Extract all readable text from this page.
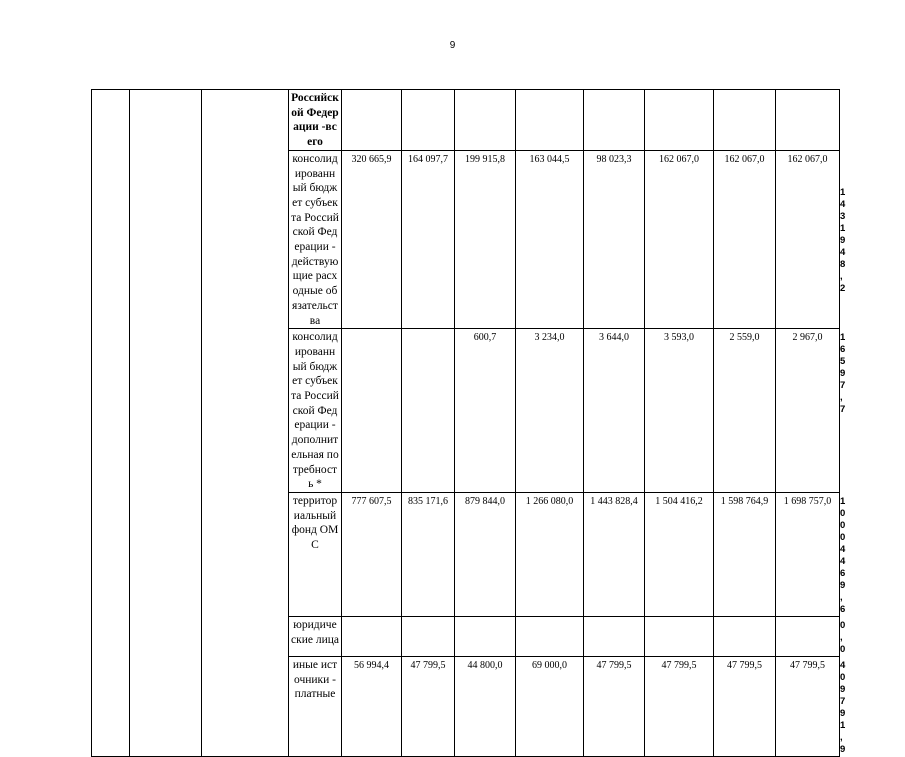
9
			Российской Федерации -всего									
			консолидированный бюджет субъекта Российской Федерации - действующие расходные обязательства	320 665,9	164 097,7	199 915,8	163 044,5	98 023,3	162 067,0	162 067,0	162 067,0	1 431 948,2
			консолидированный бюджет субъекта Российской Федерации - дополнительная потребность *			600,7	3 234,0	3 644,0	3 593,0	2 559,0	2 967,0	16 597,7
			территориальный фонд ОМС	777 607,5	835 171,6	879 844,0	1 266 080,0	1 443 828,4	1 504 416,2	1 598 764,9	1 698 757,0	10 004 469,6
			юридические лица									0,0
			иные источники - платные	56 994,4	47 799,5	44 800,0	69 000,0	47 799,5	47 799,5	47 799,5	47 799,5	409 791,9
